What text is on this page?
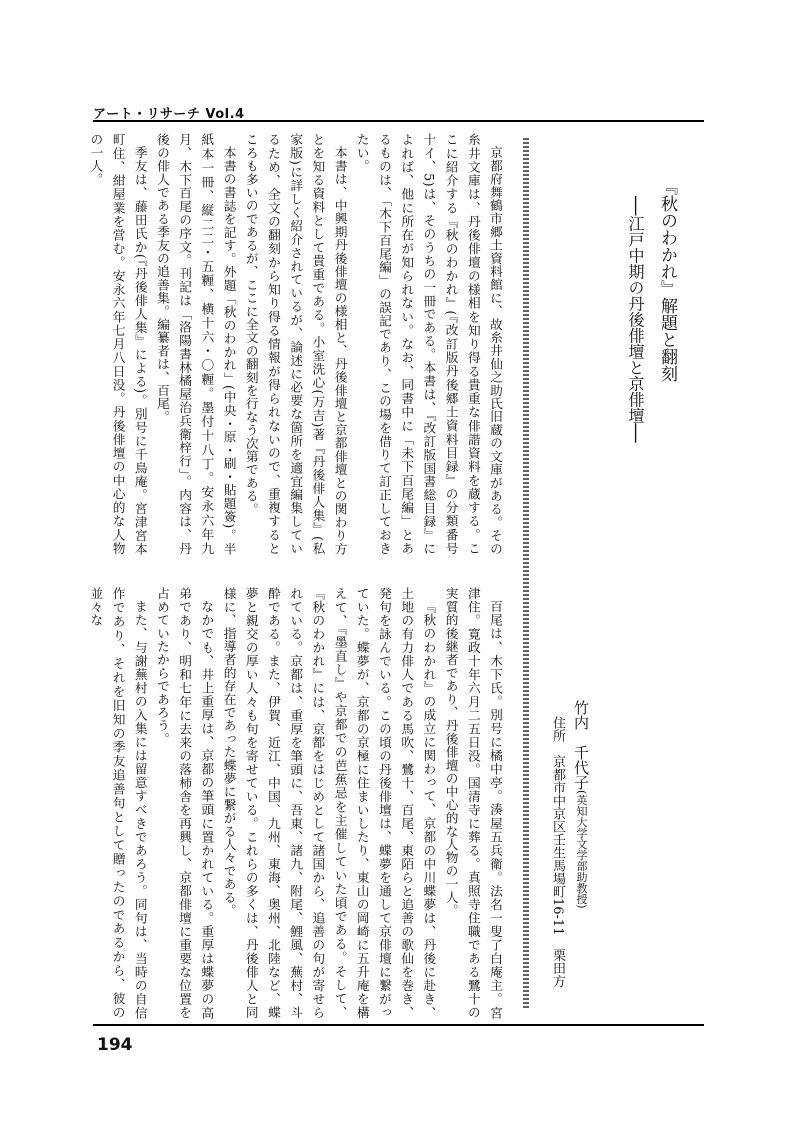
アート・リサーチ Vol.4
『秋のわかれ』解題と翻刻
──江戸中期の丹後俳壇と京俳壇──

京都府舞鶴市郷土資料館に、故糸井仙之助氏旧蔵の文庫がある。その糸井文庫は、丹後俳壇の様相を知り得る貴重な俳諧資料を蔵する。ここに紹介する『秋のわかれ』(『改訂版丹後郷土資料目録』の分類番号 十イ、5)は、そのうちの一冊である。本書は、『改訂版国書総目録』によれば、他に所在が知られない。なお、同書中に「未下百尾編」とあるものは、「木下百尾編」の誤記であり、この場を借りて訂正しておきたい。

本書は、中興期丹後俳壇の様相と、丹後俳壇と京都俳壇との関わり方とを知る資料として貴重である。小室洗心(万吉)著『丹後俳人集』(私家版)に詳しく紹介されているが、論述に必要な箇所を適宜編集しているため、全文の翻刻から知り得る情報が得られないので、重複するところも多いのであるが、ここに全文の翻刻を行なう次第である。

本書の書誌を記す。外題「秋のわかれ」(中央・原・刷・貼題簽)。半紙本一冊、縦二二・五糎、横十六・〇糎。墨付十八丁。安永六年九月、木下百尾の序文。刊記は「洛陽書林橘屋治兵衛梓行」。内容は、丹後の俳人である季友の追善集。編纂者は、百尾。

季友は、藤田氏か(『丹後俳人集』による)。別号に千鳥庵。宮津宮本町住、紺屋業を営む。安永六年七月八日没。丹後俳壇の中心的な人物の一人。

竹内　千代子(英知大学文学部助教授)
住所　京都市中京区壬生馬場町16-11　栗田方

百尾は、木下氏。別号に橘中亭。湊屋五兵衛。法名一叟了白庵主。宮津住。寛政十年六月二五日没。国清寺に葬る。真照寺住職である鷺十の実質的後継者であり、丹後俳壇の中心的な人物の一人。

『秋のわかれ』の成立に関わって、京都の中川蝶夢は、丹後に赴き、土地の有力俳人である馬吹、鷺十、百尾、東陌らと追善の歌仙を巻き、発句を詠んでいる。この頃の丹後俳壇は、蝶夢を通して京俳壇に繋がっていた。蝶夢が、京都の京極に住まいしたり、東山の岡崎に五升庵を構えて、『墨直し』や京都での芭蕉忌を主催していた頃である。そして、『秋のわかれ』には、京都をはじめとして諸国から、追善の句が寄せられている。京都は、重厚を筆頭に、吾東、諸九、附尾、鯉風、蕪村、斗酔である。また、伊賀、近江、中国、九州、東海、奥州、北陸など、蝶夢と親交の厚い人々も句を寄せている。これらの多くは、丹後俳人と同様に、指導者的存在であった蝶夢に繋がる人々である。

なかでも、井上重厚は、京都の筆頭に置かれている。重厚は蝶夢の高弟であり、明和七年に去来の落柿舎を再興し、京都俳壇に重要な位置を占めていたからであろう。

また、与謝蕪村の入集には留意すべきであろう。同句は、当時の自信作であり、それを旧知の季友追善句として贈ったのであるから、彼の並々な

194
